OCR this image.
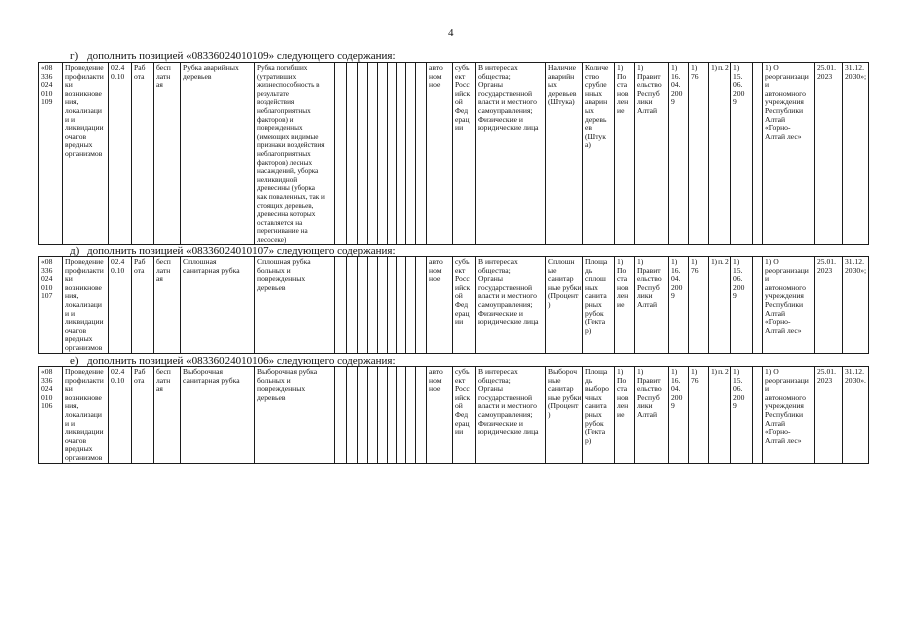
4
г) дополнить позицией «08336024010109» следующего содержания:
«08
336
024
010
109	Проведение
профилакти
ки
возникнове
ния,
локализаци
и и
ликвидации
очагов
вредных
организмов	02.4
0.10	Раб
ота	бесп
латн
ая	Рубка аварийных
деревьев	Рубка погибших
(утративших
жизнеспособность в
результате
воздействия
неблагоприятных
факторов) и
поврежденных
(имеющих видимые
признаки воздействия
неблагоприятных
факторов) лесных
насаждений, уборка
неликвидной
древесины (уборка
как поваленных, так и
стоящих деревьев,
древесина которых
оставляется на
перегнивание на
лесосеке)										авто
ном
ное	субъ
ект
Росс
ийск
ой
Фед
ерац
ии	В интересах
общества;
Органы
государственной
власти и местного
самоуправления;
Физические и
юридические лица	Наличие
аварийн
ых
деревьев
(Штука)	Количе
ство
срубле
нных
аварин
ых
деревь
ев
(Штук
а)	1)
По
ста
нов
лен
ие	1)
Правит
ельство
Респуб
лики
Алтай	1)
16.
04.
200
9	1)
76	1) п. 2	1)
15.
06.
200
9		1) О
реорганизаци
и
автономного
учреждения
Республики
Алтай
«Горно-
Алтай лес»	25.01.
2023	31.12.
2030»;
д) дополнить позицией «08336024010107» следующего содержания:
«08
336
024
010
107	Проведение
профилакти
ки
возникнове
ния,
локализаци
и и
ликвидации
очагов
вредных
организмов	02.4
0.10	Раб
ота	бесп
латн
ая	Сплошная
санитарная рубка	Сплошная рубка
больных и
поврежденных
деревьев										авто
ном
ное	субъ
ект
Росс
ийск
ой
Фед
ерац
ии	В интересах
общества;
Органы
государственной
власти и местного
самоуправления;
Физические и
юридические лица	Сплошн
ые
санитар
ные рубки
(Процент
)	Площа
дь
сплош
ных
санита
рных
рубок
(Гекта
р)	1)
По
ста
нов
лен
ие	1)
Правит
ельство
Респуб
лики
Алтай	1)
16.
04.
200
9	1)
76	1) п. 2	1)
15.
06.
200
9		1) О
реорганизаци
и
автономного
учреждения
Республики
Алтай
«Горно-
Алтай лес»	25.01.
2023	31.12.
2030»;
е) дополнить позицией «08336024010106» следующего содержания:
«08
336
024
010
106	Проведение
профилакти
ки
возникнове
ния,
локализаци
и и
ликвидации
очагов
вредных
организмов	02.4
0.10	Раб
ота	бесп
латн
ая	Выборочная
санитарная рубка	Выборочная рубка
больных и
поврежденных
деревьев										авто
ном
ное	субъ
ект
Росс
ийск
ой
Фед
ерац
ии	В интересах
общества;
Органы
государственной
власти и местного
самоуправления;
Физические и
юридические лица	Выбороч
ные
санитар
ные рубки
(Процент
)	Площа
дь
выборо
чных
санита
рных
рубок
(Гекта
р)	1)
По
ста
нов
лен
ие	1)
Правит
ельство
Респуб
лики
Алтай	1)
16.
04.
200
9	1)
76	1) п. 2	1)
15.
06.
200
9		1) О
реорганизаци
и
автономного
учреждения
Республики
Алтай
«Горно-
Алтай лес»	25.01.
2023	31.12.
2030».
